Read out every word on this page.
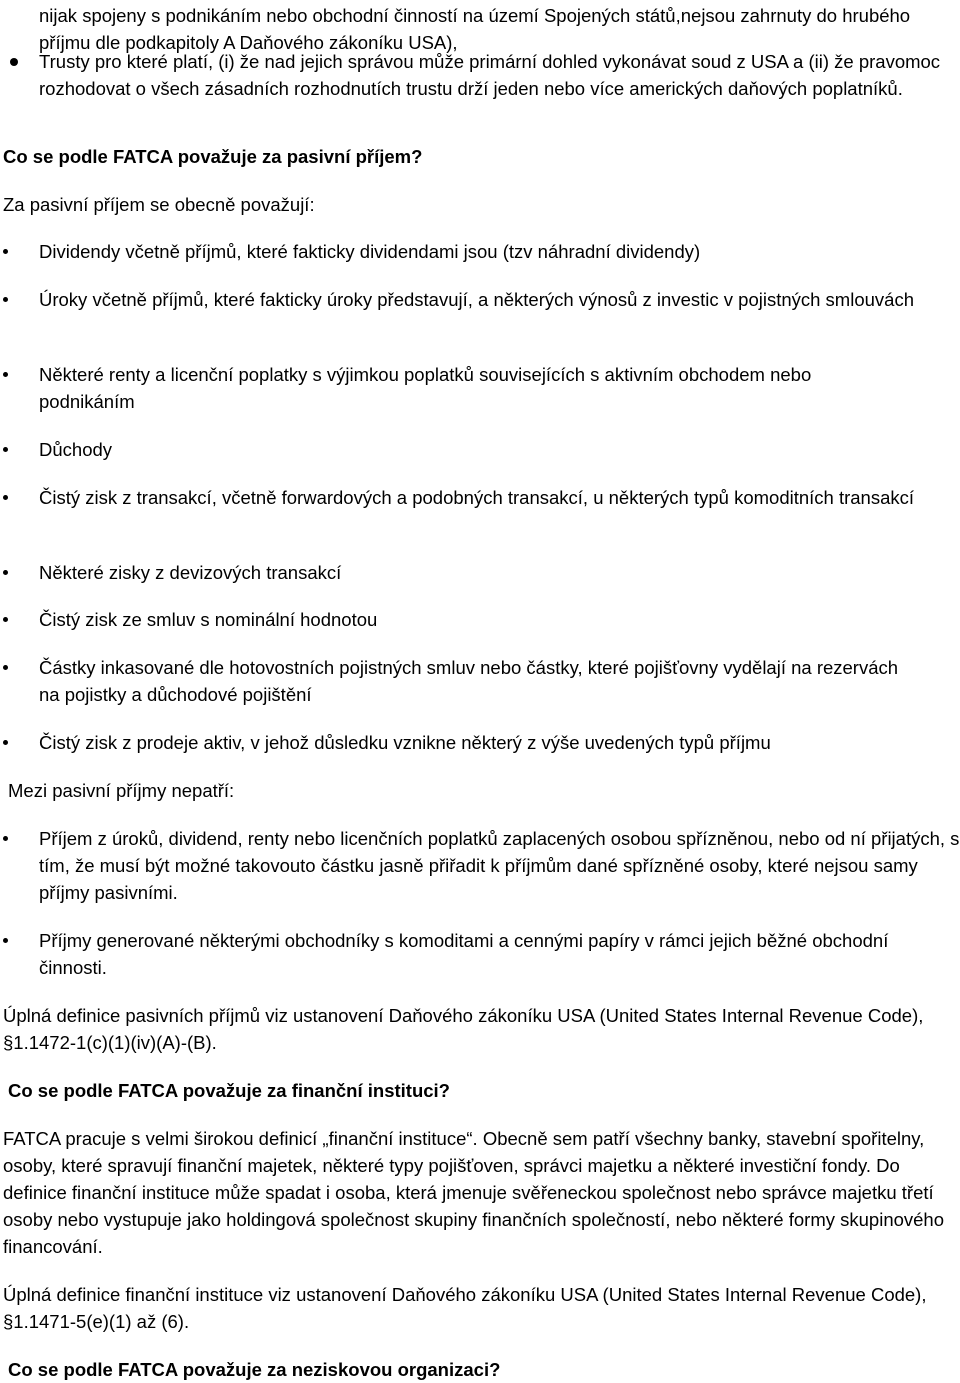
nijak spojeny s podnikáním nebo obchodní činností na území Spojených států,nejsou zahrnuty do hrubého příjmu dle podkapitoly A Daňového zákoníku USA),
Trusty pro které platí, (i) že nad jejich správou může primární dohled vykonávat soud z USA a (ii) že pravomoc rozhodovat o všech zásadních rozhodnutích trustu drží jeden nebo více amerických daňových poplatníků.
Co se podle FATCA považuje za pasivní příjem?
Za pasivní příjem se obecně považují:
Dividendy včetně příjmů, které fakticky dividendami jsou (tzv náhradní dividendy)
Úroky včetně příjmů, které fakticky úroky představují, a některých výnosů z investic v pojistných smlouvách
Některé renty a licenční poplatky s výjimkou poplatků souvisejících s aktivním obchodem nebo podnikáním
Důchody
Čistý zisk z transakcí, včetně forwardových a podobných transakcí, u některých typů komoditních transakcí
Některé zisky z devizových transakcí
Čistý zisk ze smluv s nominální hodnotou
Částky inkasované dle hotovostních pojistných smluv nebo částky, které pojišťovny vydělají na rezervách na pojistky a důchodové pojištění
Čistý zisk z prodeje aktiv, v jehož důsledku vznikne některý z výše uvedených typů příjmu
Mezi pasivní příjmy nepatří:
Příjem z úroků, dividend, renty nebo licenčních poplatků zaplacených osobou spřízněnou, nebo od ní přijatých, s tím, že musí být možné takovouto částku jasně přiřadit k příjmům dané spřízněné osoby, které nejsou samy příjmy pasivními.
Příjmy generované některými obchodníky s komoditami a cennými papíry v rámci jejich běžné obchodní činnosti.
Úplná definice pasivních příjmů viz ustanovení Daňového zákoníku USA (United States Internal Revenue Code), §1.1472-1(c)(1)(iv)(A)-(B).
Co se podle FATCA považuje za finanční instituci?
FATCA pracuje s velmi širokou definicí „finanční instituce“. Obecně sem patří všechny banky, stavební spořitelny, osoby, které spravují finanční majetek, některé typy pojišťoven, správci majetku a některé investiční fondy. Do definice finanční instituce může spadat i osoba, která jmenuje svěřeneckou společnost nebo správce majetku třetí osoby nebo vystupuje jako holdingová společnost skupiny finančních společností, nebo některé formy skupinového financování.
Úplná definice finanční instituce viz ustanovení Daňového zákoníku USA (United States Internal Revenue Code), §1.1471-5(e)(1) až (6).
Co se podle FATCA považuje za neziskovou organizaci?
